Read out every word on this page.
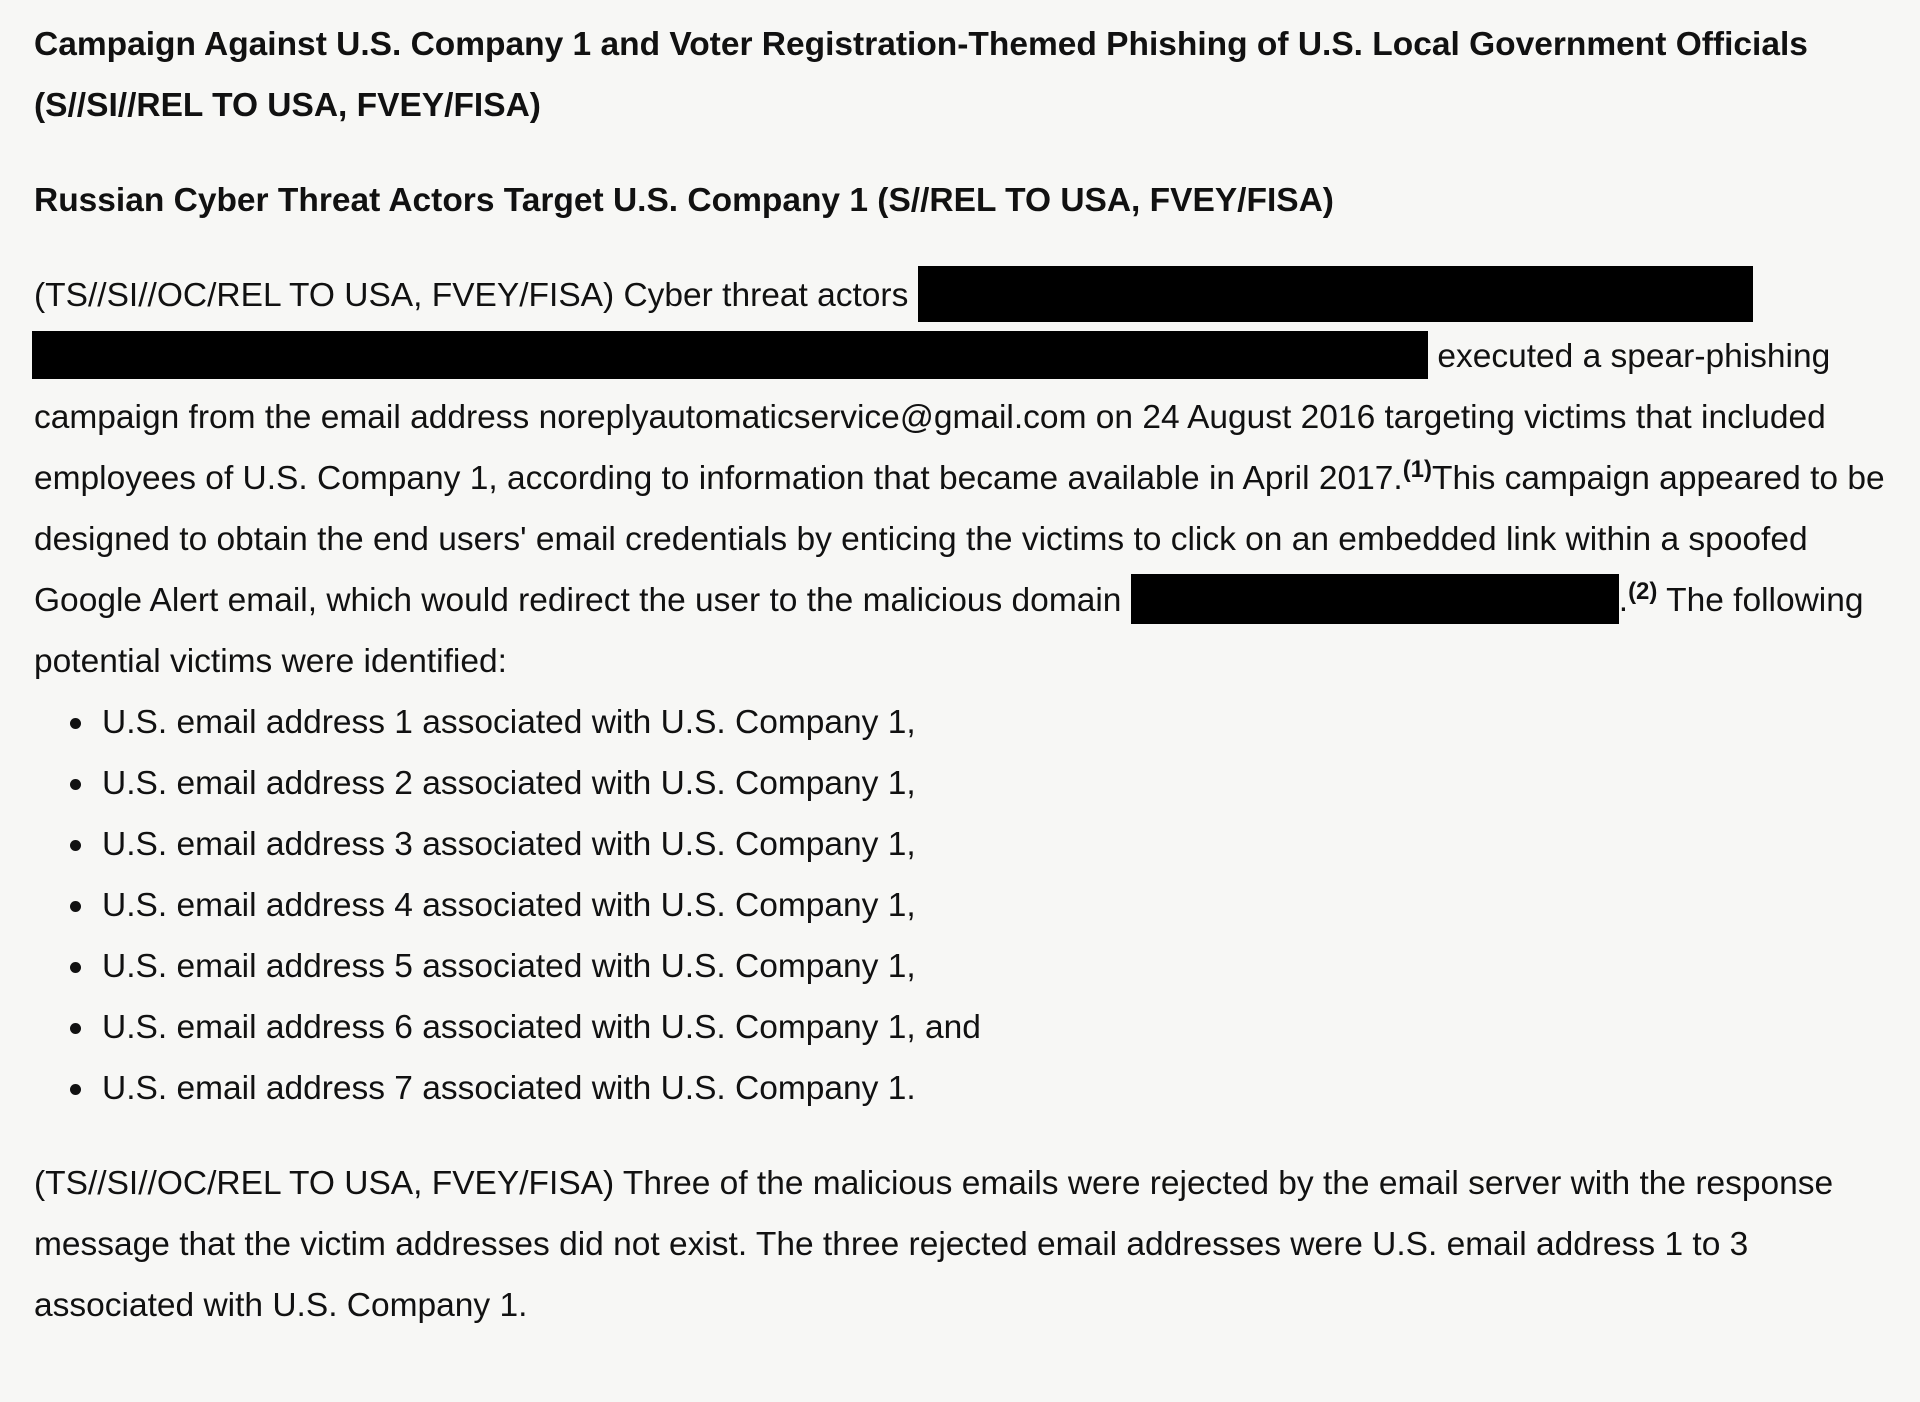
Campaign Against U.S. Company 1 and Voter Registration-Themed Phishing of U.S. Local Government Officials (S//SI//REL TO USA, FVEY/FISA)

Russian Cyber Threat Actors Target U.S. Company 1 (S//REL TO USA, FVEY/FISA)

(TS//SI//OC/REL TO USA, FVEY/FISA) Cyber threat actors   executed a spear-phishing campaign from the email address noreplyautomaticservice@gmail.com on 24 August 2016 targeting victims that included employees of U.S. Company 1, according to information that became available in April 2017.$^{(1)}$This campaign appeared to be designed to obtain the end users' email credentials by enticing the victims to click on an embedded link within a spoofed Google Alert email, which would redirect the user to the malicious domain	.$^{(2)}$ The following potential victims were identified:

U.S. email address 1 associated with U.S. Company 1,
U.S. email address 2 associated with U.S. Company 1,
U.S. email address 3 associated with U.S. Company 1,
U.S. email address 4 associated with U.S. Company 1,
U.S. email address 5 associated with U.S. Company 1,
U.S. email address 6 associated with U.S. Company 1, and
U.S. email address 7 associated with U.S. Company 1.

(TS//SI//OC/REL TO USA, FVEY/FISA) Three of the malicious emails were rejected by the email server with the response message that the victim addresses did not exist. The three rejected email addresses were U.S. email address 1 to 3 associated with U.S. Company 1.
